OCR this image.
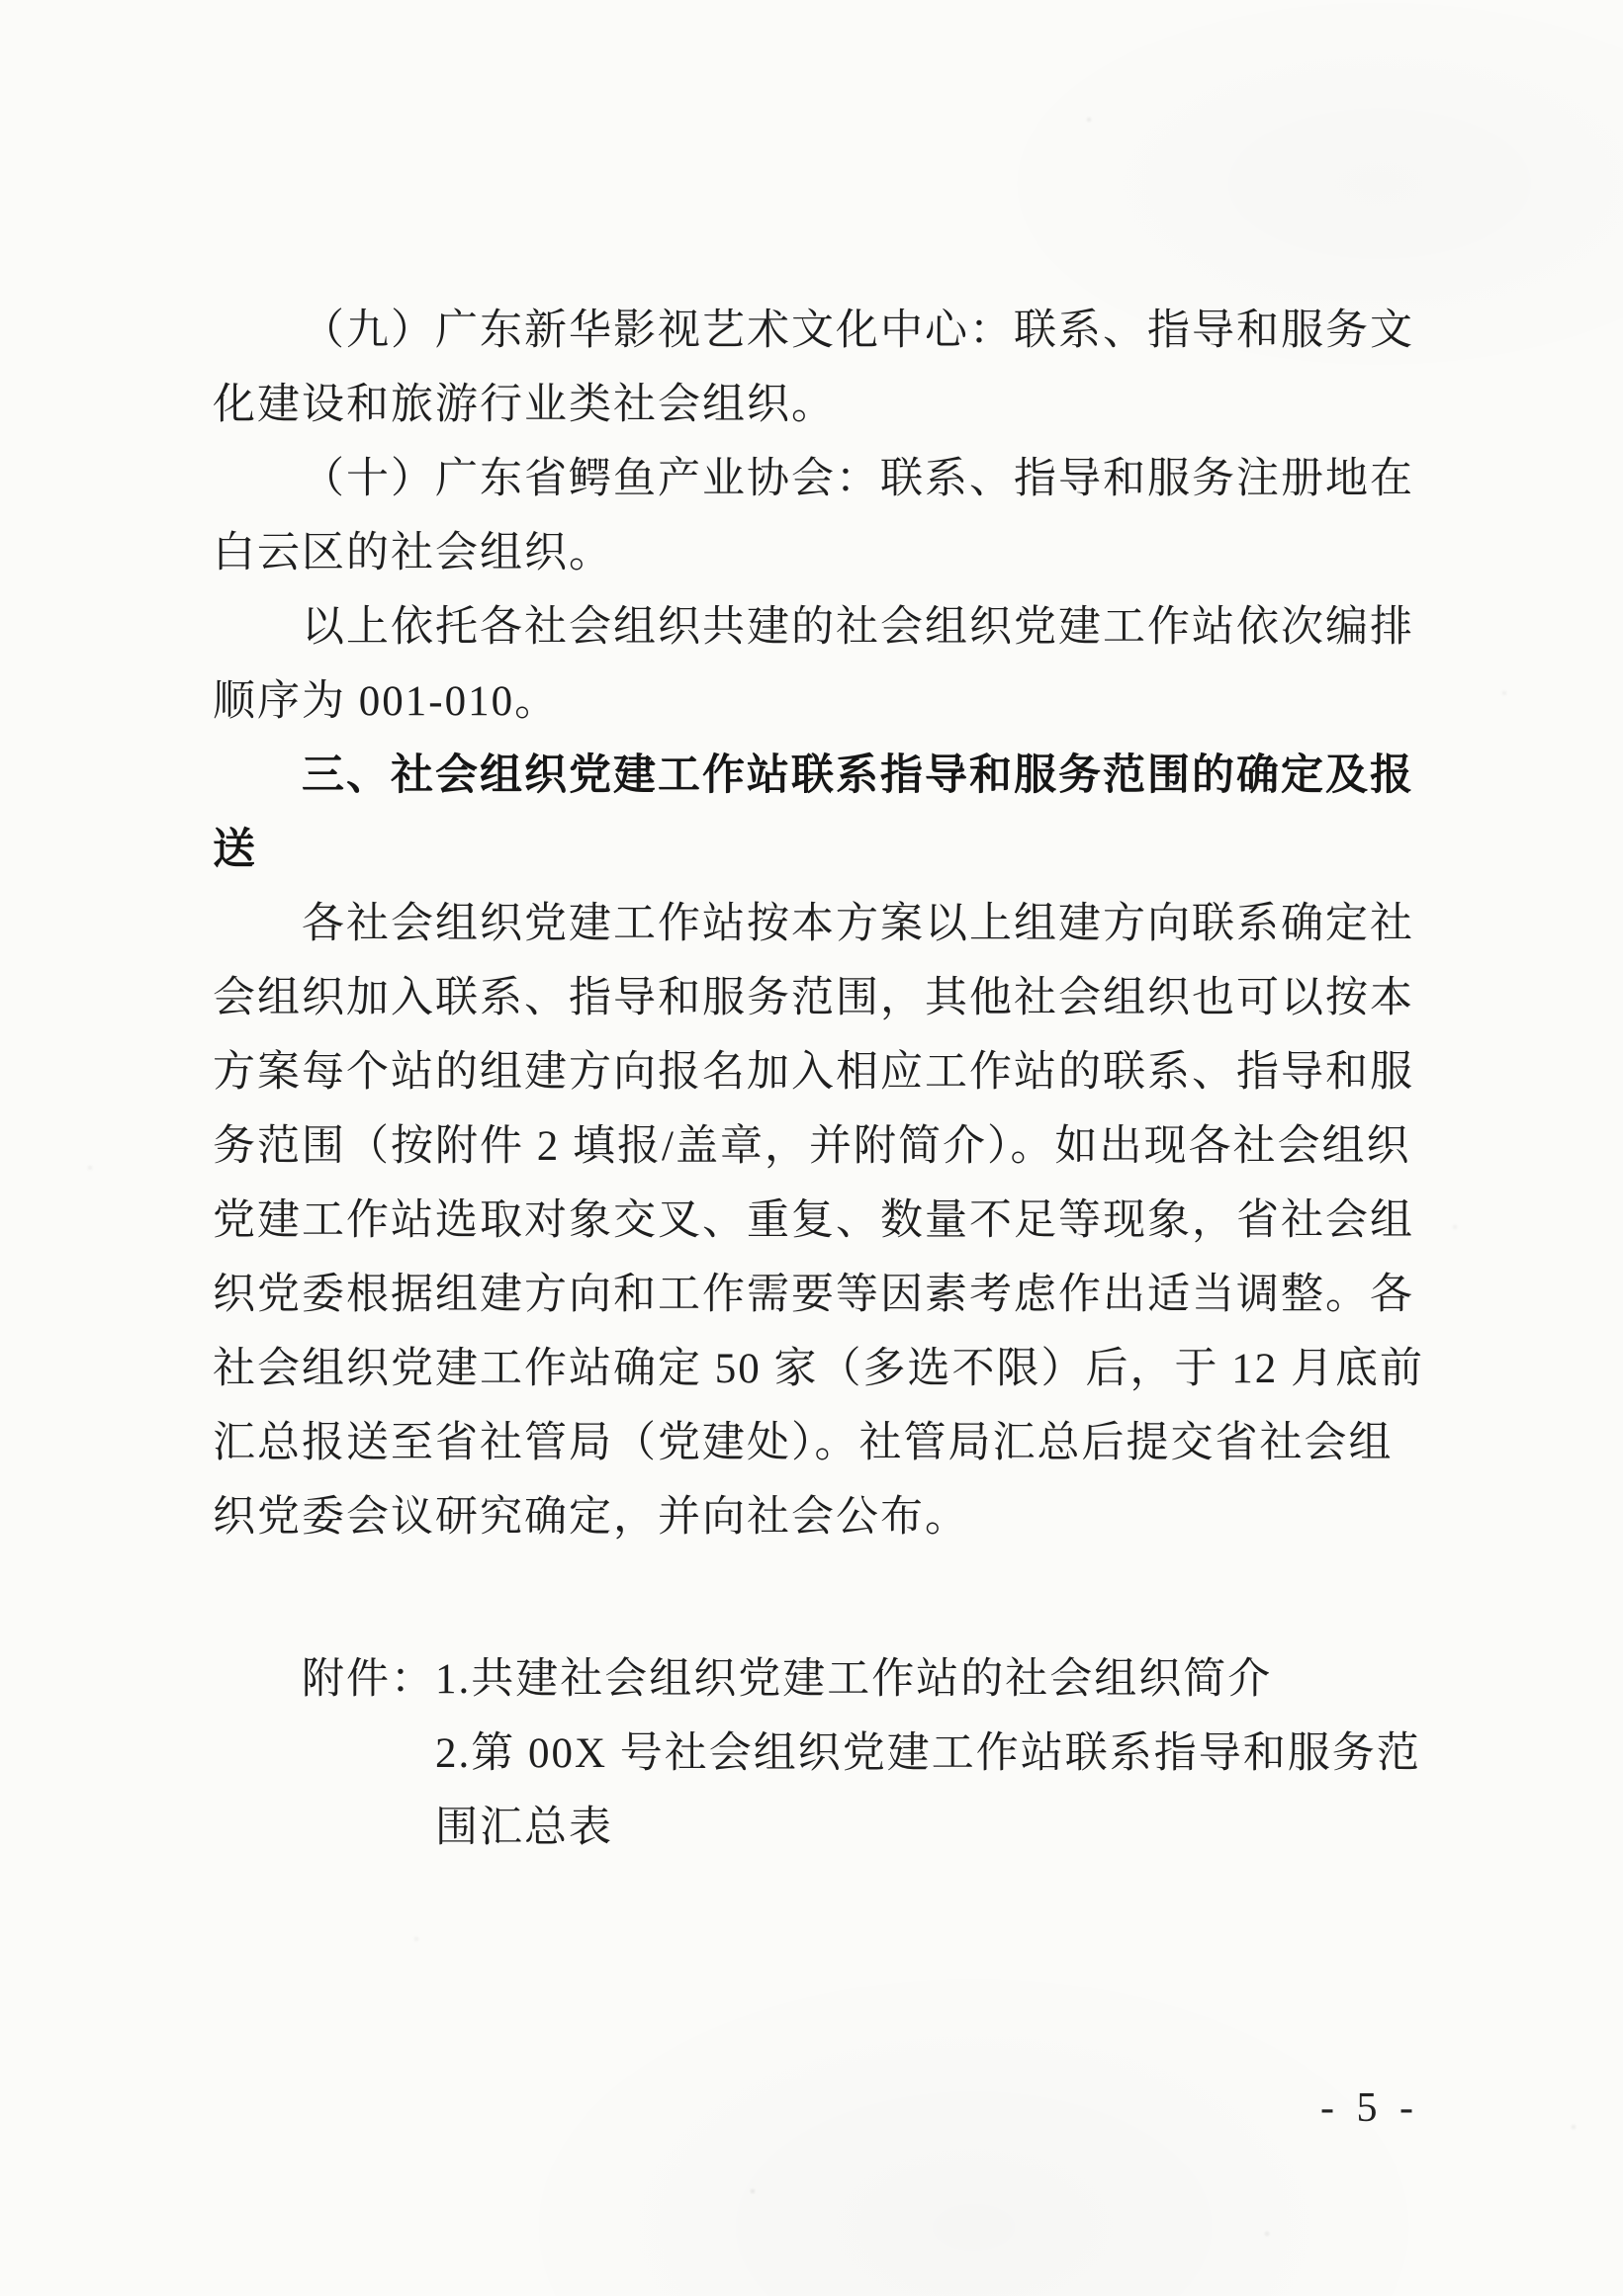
（九）广东新华影视艺术文化中心：联系、指导和服务文
化建设和旅游行业类社会组织。
（十）广东省鳄鱼产业协会：联系、指导和服务注册地在
白云区的社会组织。
以上依托各社会组织共建的社会组织党建工作站依次编排
顺序为 001-010。
三、社会组织党建工作站联系指导和服务范围的确定及报
送
各社会组织党建工作站按本方案以上组建方向联系确定社
会组织加入联系、指导和服务范围，其他社会组织也可以按本
方案每个站的组建方向报名加入相应工作站的联系、指导和服
务范围（按附件 2 填报/盖章，并附简介）。如出现各社会组织
党建工作站选取对象交叉、重复、数量不足等现象，省社会组
织党委根据组建方向和工作需要等因素考虑作出适当调整。各
社会组织党建工作站确定 50 家（多选不限）后，于 12 月底前
汇总报送至省社管局（党建处）。社管局汇总后提交省社会组
织党委会议研究确定，并向社会公布。
附件：1.共建社会组织党建工作站的社会组织简介
2.第 00X 号社会组织党建工作站联系指导和服务范
围汇总表
- 5 -
